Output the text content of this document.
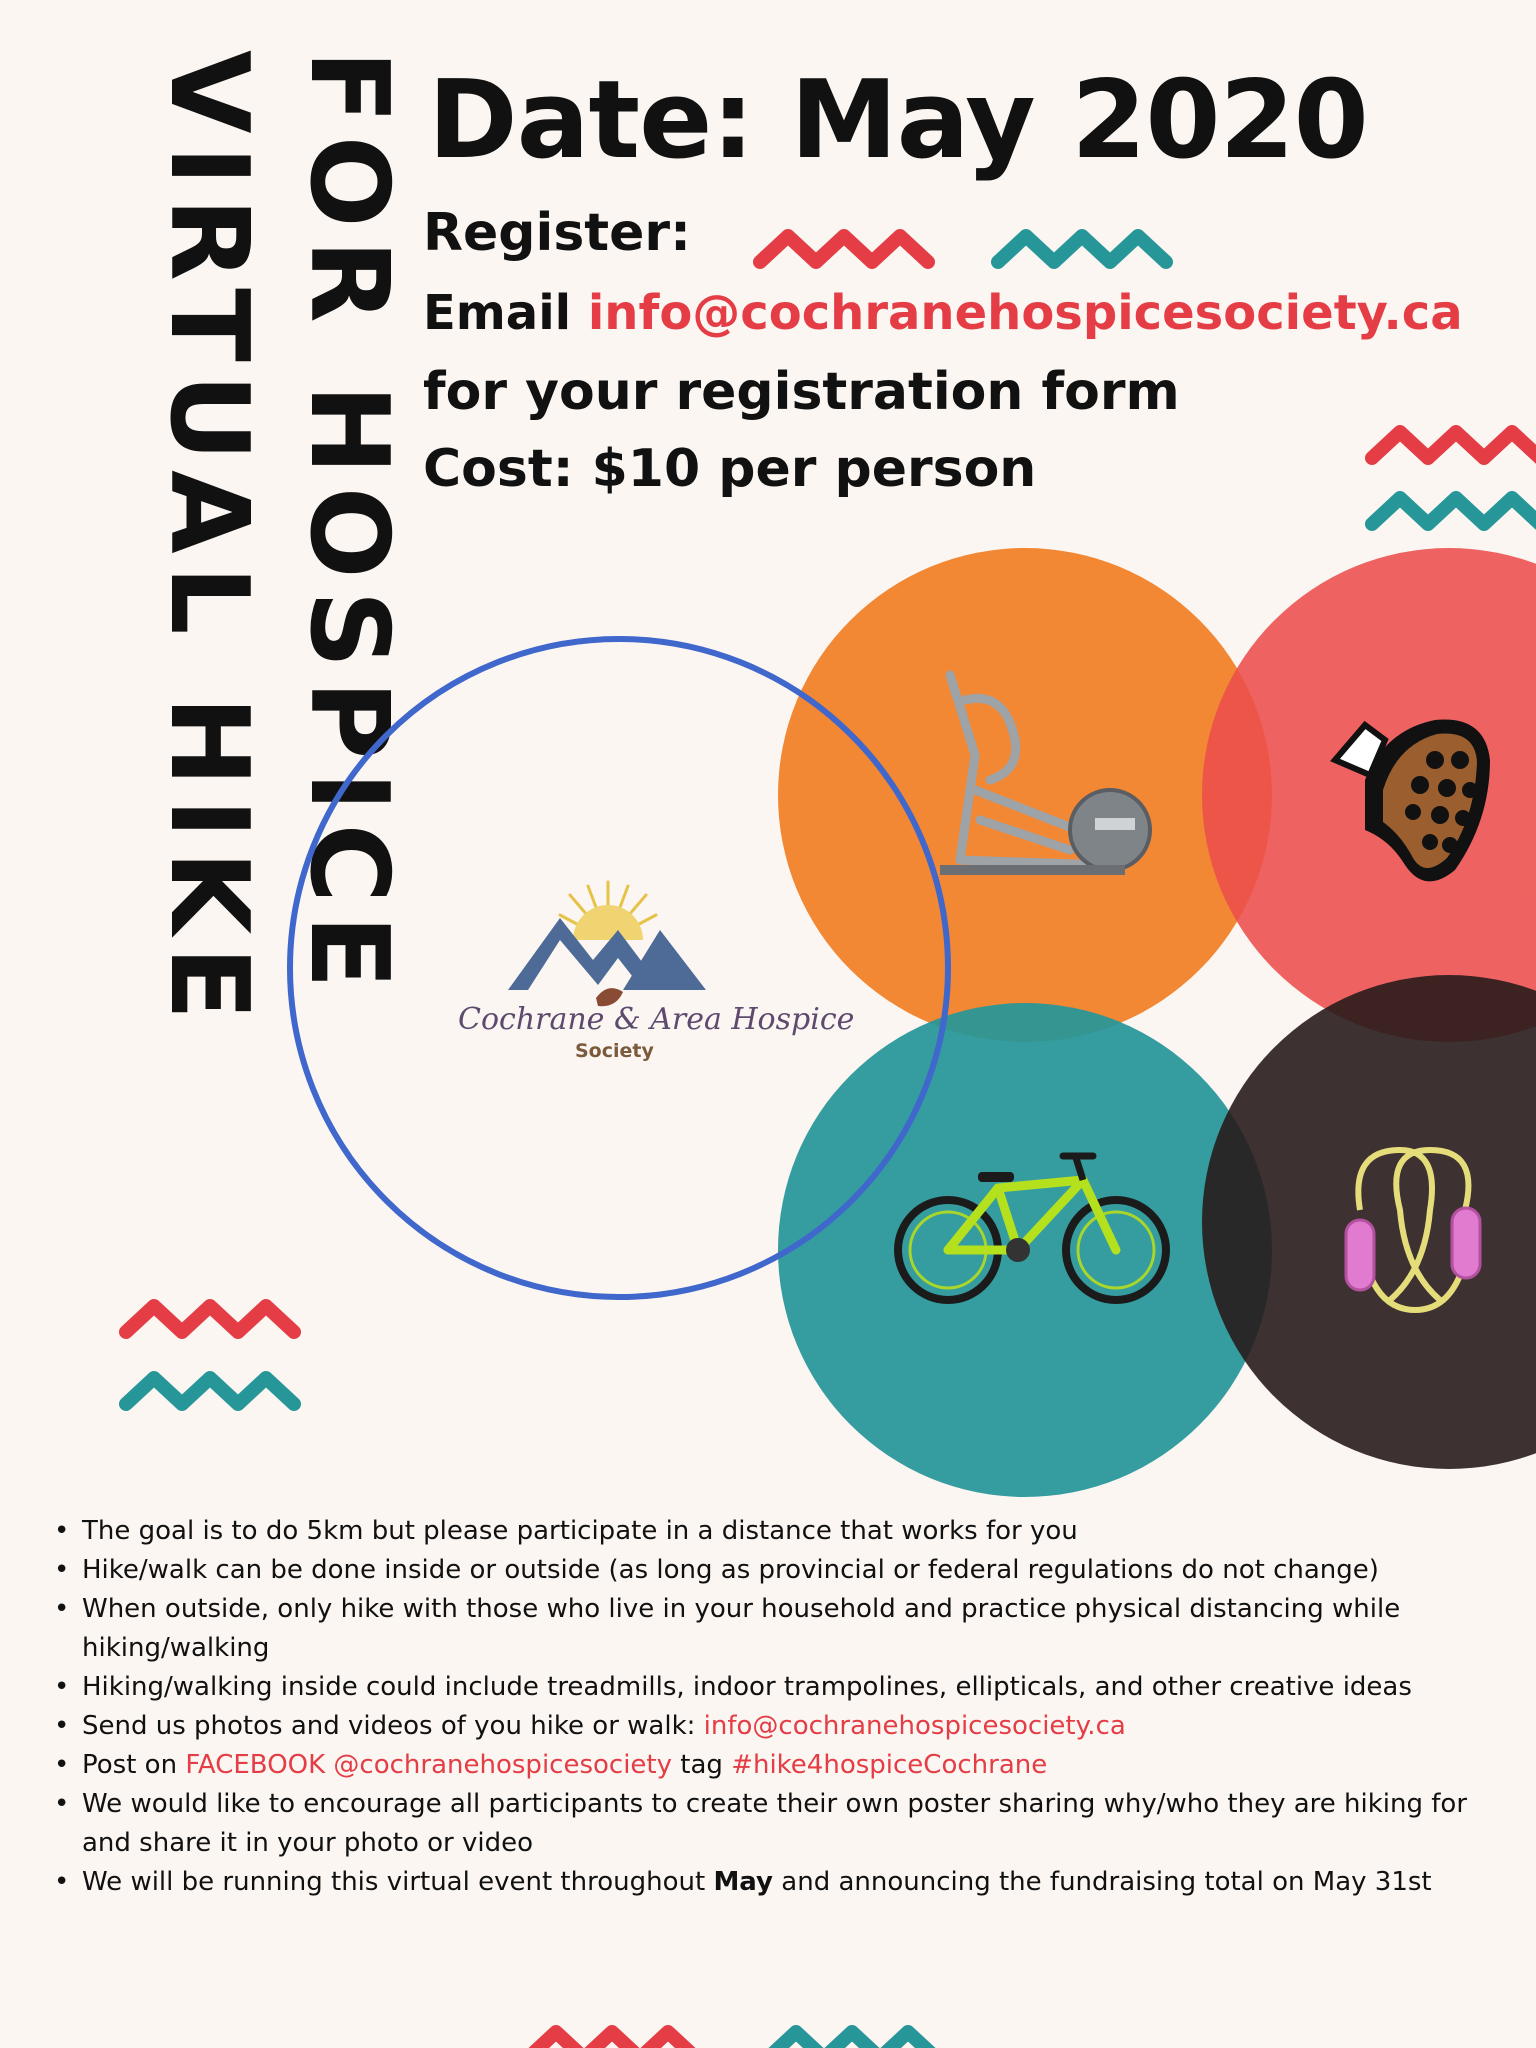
VIRTUAL HIKE FOR HOSPICE Date: May 2020
Register:
Email info@cochranehospicesociety.ca
for your registration form
Cost: $10 per person
Cochrane & Area Hospice
Society
• The goal is to do 5km but please participate in a distance that works for you
• Hike/walk can be done inside or outside (as long as provincial or federal regulations do not change)
• When outside, only hike with those who live in your household and practice physical distancing while hiking/walking
• Hiking/walking inside could include treadmills, indoor trampolines, ellipticals, and other creative ideas
• Send us photos and videos of you hike or walk: info@cochranehospicesociety.ca
• Post on FACEBOOK @cochranehospicesociety tag #hike4hospiceCochrane
• We would like to encourage all participants to create their own poster sharing why/who they are hiking for and share it in your photo or video
• We will be running this virtual event throughout May and announcing the fundraising total on May 31st
